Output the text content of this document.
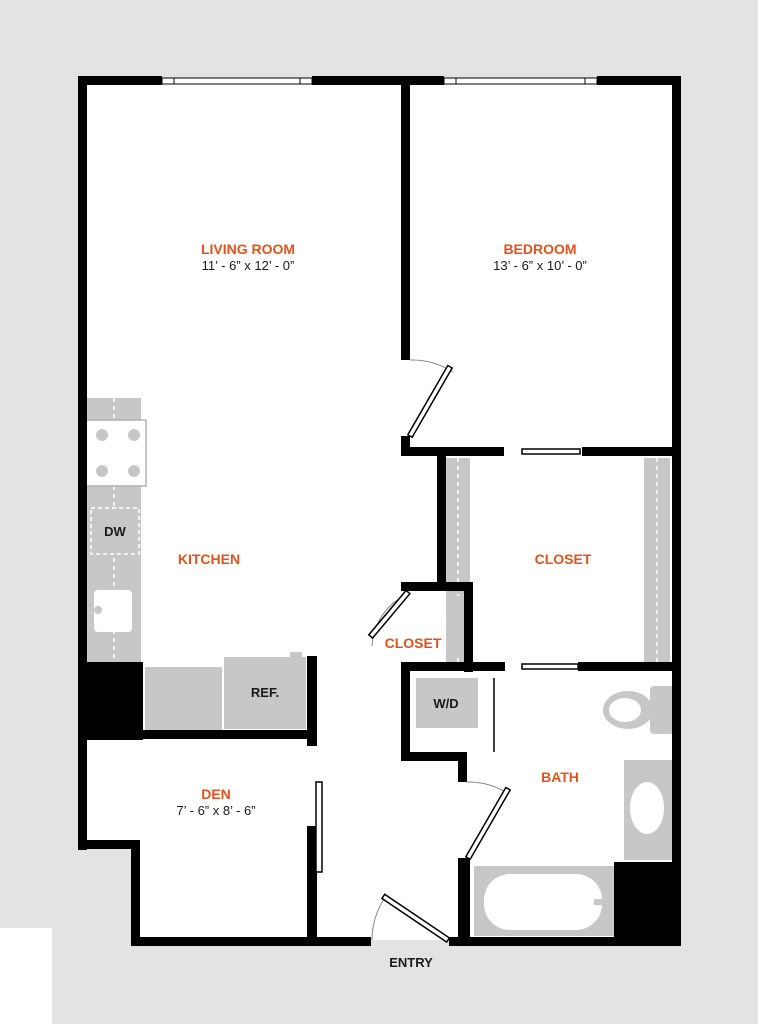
LIVING ROOM
11’ - 6” x 12’ - 0”
BEDROOM
13’ - 6” x 10’ - 0”
KITCHEN	CLOSET
CLOSET
BATH
DEN
7’ - 6” x 8’ - 6”
DW
REF.
W/D
ENTRY
